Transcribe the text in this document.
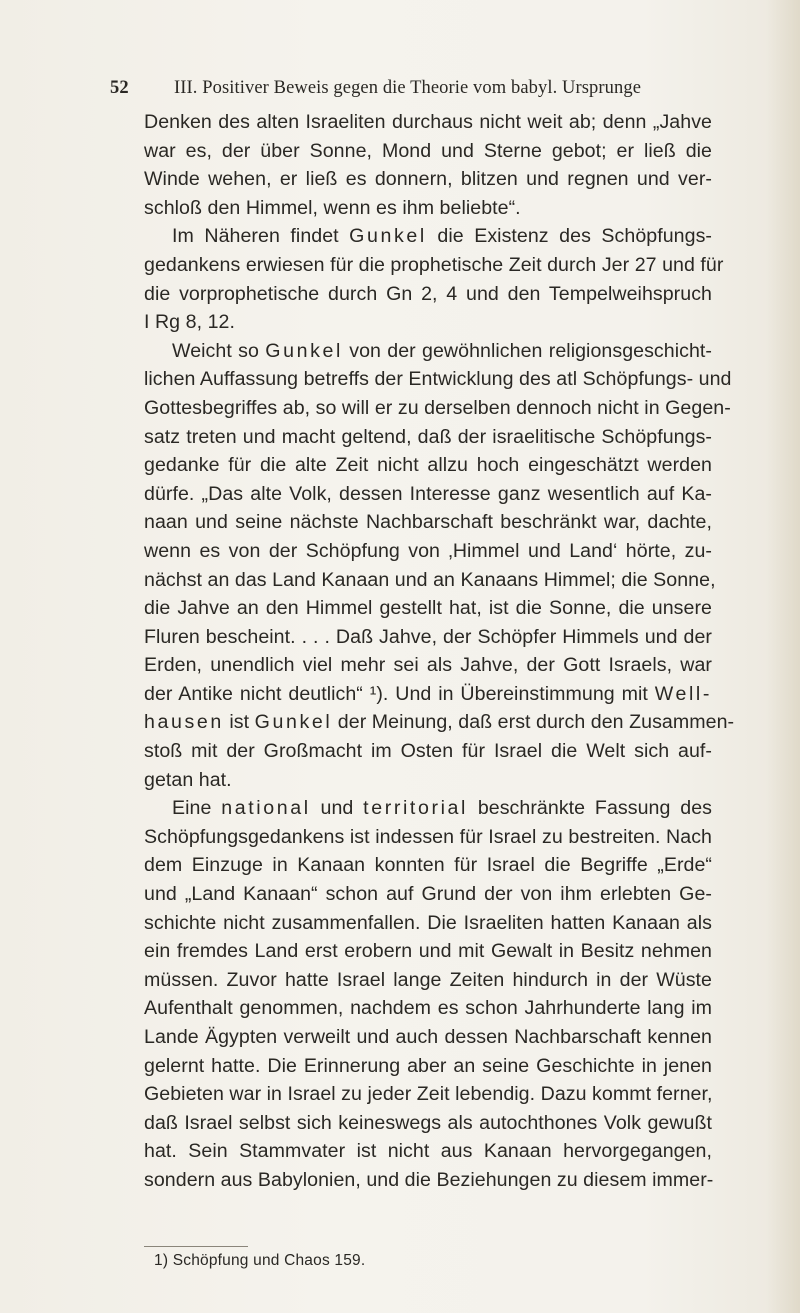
52 III. Positiver Beweis gegen die Theorie vom babyl. Ursprunge
Denken des alten Israeliten durchaus nicht weit ab; denn „Jahve
war es, der über Sonne, Mond und Sterne gebot; er ließ die
Winde wehen, er ließ es donnern, blitzen und regnen und ver-
schloß den Himmel, wenn es ihm beliebte“.
Im Näheren findet Gunkel die Existenz des Schöpfungs-
gedankens erwiesen für die prophetische Zeit durch Jer 27 und für
die vorprophetische durch Gn 2, 4 und den Tempelweihspruch
I Rg 8, 12.
Weicht so Gunkel von der gewöhnlichen religionsgeschicht-
lichen Auffassung betreffs der Entwicklung des atl Schöpfungs- und
Gottesbegriffes ab, so will er zu derselben dennoch nicht in Gegen-
satz treten und macht geltend, daß der israelitische Schöpfungs-
gedanke für die alte Zeit nicht allzu hoch eingeschätzt werden
dürfe. „Das alte Volk, dessen Interesse ganz wesentlich auf Ka-
naan und seine nächste Nachbarschaft beschränkt war, dachte,
wenn es von der Schöpfung von ‚Himmel und Land‘ hörte, zu-
nächst an das Land Kanaan und an Kanaans Himmel; die Sonne,
die Jahve an den Himmel gestellt hat, ist die Sonne, die unsere
Fluren bescheint. . . . Daß Jahve, der Schöpfer Himmels und der
Erden, unendlich viel mehr sei als Jahve, der Gott Israels, war
der Antike nicht deutlich“ ¹). Und in Übereinstimmung mit Well-
hausen ist Gunkel der Meinung, daß erst durch den Zusammen-
stoß mit der Großmacht im Osten für Israel die Welt sich auf-
getan hat.
Eine national und territorial beschränkte Fassung des
Schöpfungsgedankens ist indessen für Israel zu bestreiten. Nach
dem Einzuge in Kanaan konnten für Israel die Begriffe „Erde“
und „Land Kanaan“ schon auf Grund der von ihm erlebten Ge-
schichte nicht zusammenfallen. Die Israeliten hatten Kanaan als
ein fremdes Land erst erobern und mit Gewalt in Besitz nehmen
müssen. Zuvor hatte Israel lange Zeiten hindurch in der Wüste
Aufenthalt genommen, nachdem es schon Jahrhunderte lang im
Lande Ägypten verweilt und auch dessen Nachbarschaft kennen
gelernt hatte. Die Erinnerung aber an seine Geschichte in jenen
Gebieten war in Israel zu jeder Zeit lebendig. Dazu kommt ferner,
daß Israel selbst sich keineswegs als autochthones Volk gewußt
hat. Sein Stammvater ist nicht aus Kanaan hervorgegangen,
sondern aus Babylonien, und die Beziehungen zu diesem immer-
1) Schöpfung und Chaos 159.
